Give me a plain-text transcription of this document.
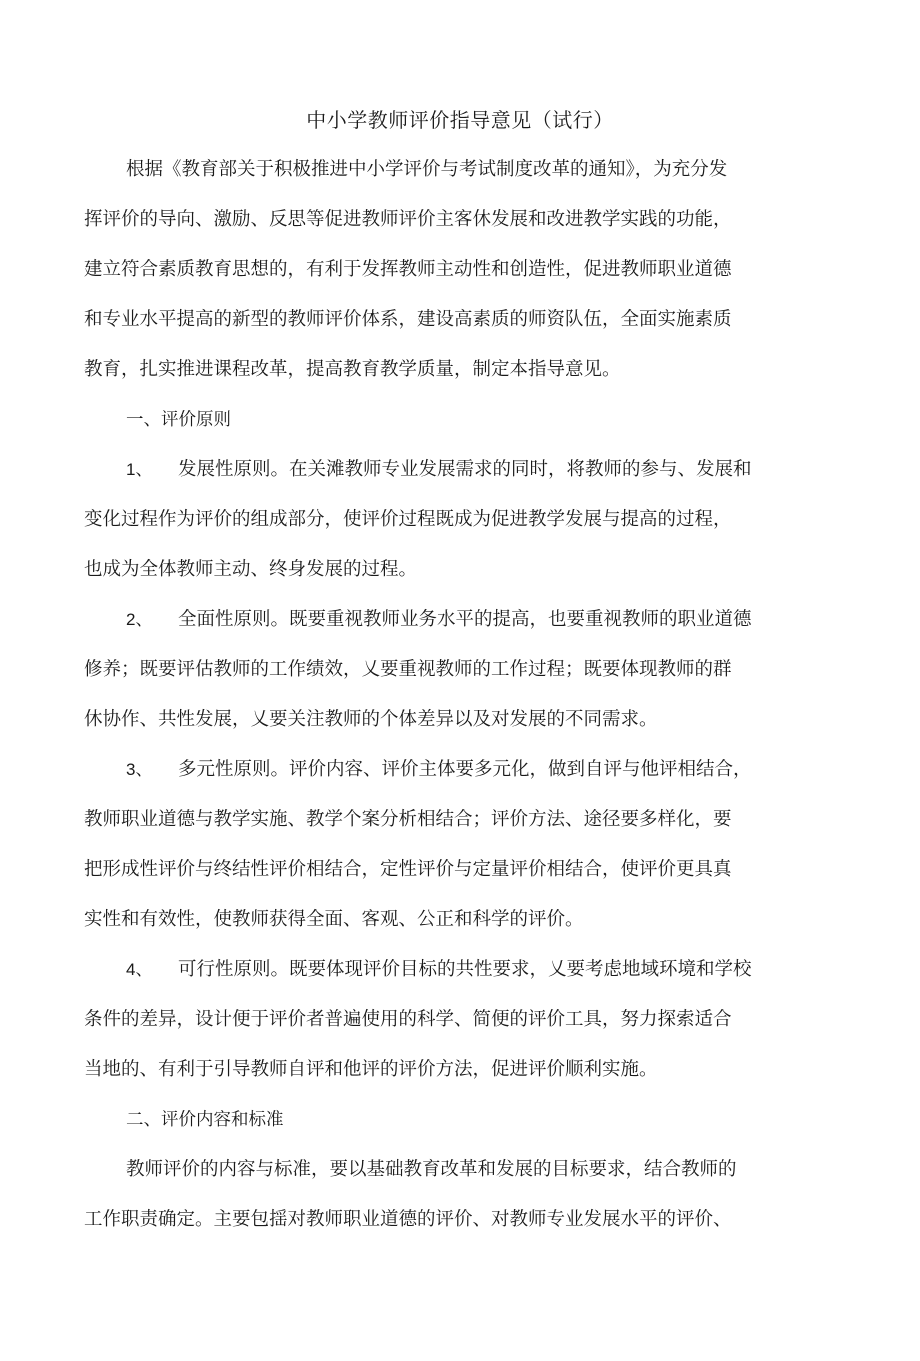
中小学教师评价指导意见（试行）
根据《教育部关于积极推进中小学评价与考试制度改革的通知》，为充分发
挥评价的导向、激励、反思等促进教师评价主客休发展和改进教学实践的功能，
建立符合素质教育思想的，有利于发挥教师主动性和创造性，促进教师职业道德
和专业水平提高的新型的教师评价体系，建设高素质的师资队伍，全面实施素质
教育，扎实推进课程改革，提高教育教学质量，制定本指导意见。
一、评价原则
1、 发展性原则。在关滩教师专业发展需求的同时，将教师的参与、发展和
变化过程作为评价的组成部分，使评价过程既成为促进教学发展与提高的过程，
也成为全体教师主动、终身发展的过程。
2、 全面性原则。既要重视教师业务水平的提高，也要重视教师的职业道德
修养；既要评估教师的工作绩效，乂要重视教师的工作过程；既要体现教师的群
休协作、共性发展，乂要关注教师的个体差异以及对发展的不同需求。
3、 多元性原则。评价内容、评价主体要多元化，做到自评与他评相结合，
教师职业道德与教学实施、教学个案分析相结合；评价方法、途径要多样化，要
把形成性评价与终结性评价相结合，定性评价与定量评价相结合，使评价更具真
实性和有效性，使教师获得全面、客观、公正和科学的评价。
4、 可行性原则。既要体现评价目标的共性要求，乂要考虑地域环境和学校
条件的差异，设计便于评价者普遍使用的科学、简便的评价工具，努力探索适合
当地的、有利于引导教师自评和他评的评价方法，促进评价顺利实施。
二、评价内容和标准
教师评价的内容与标准，要以基础教育改革和发展的目标要求，结合教师的
工作职责确定。主要包揺对教师职业道德的评价、对教师专业发展水平的评价、
